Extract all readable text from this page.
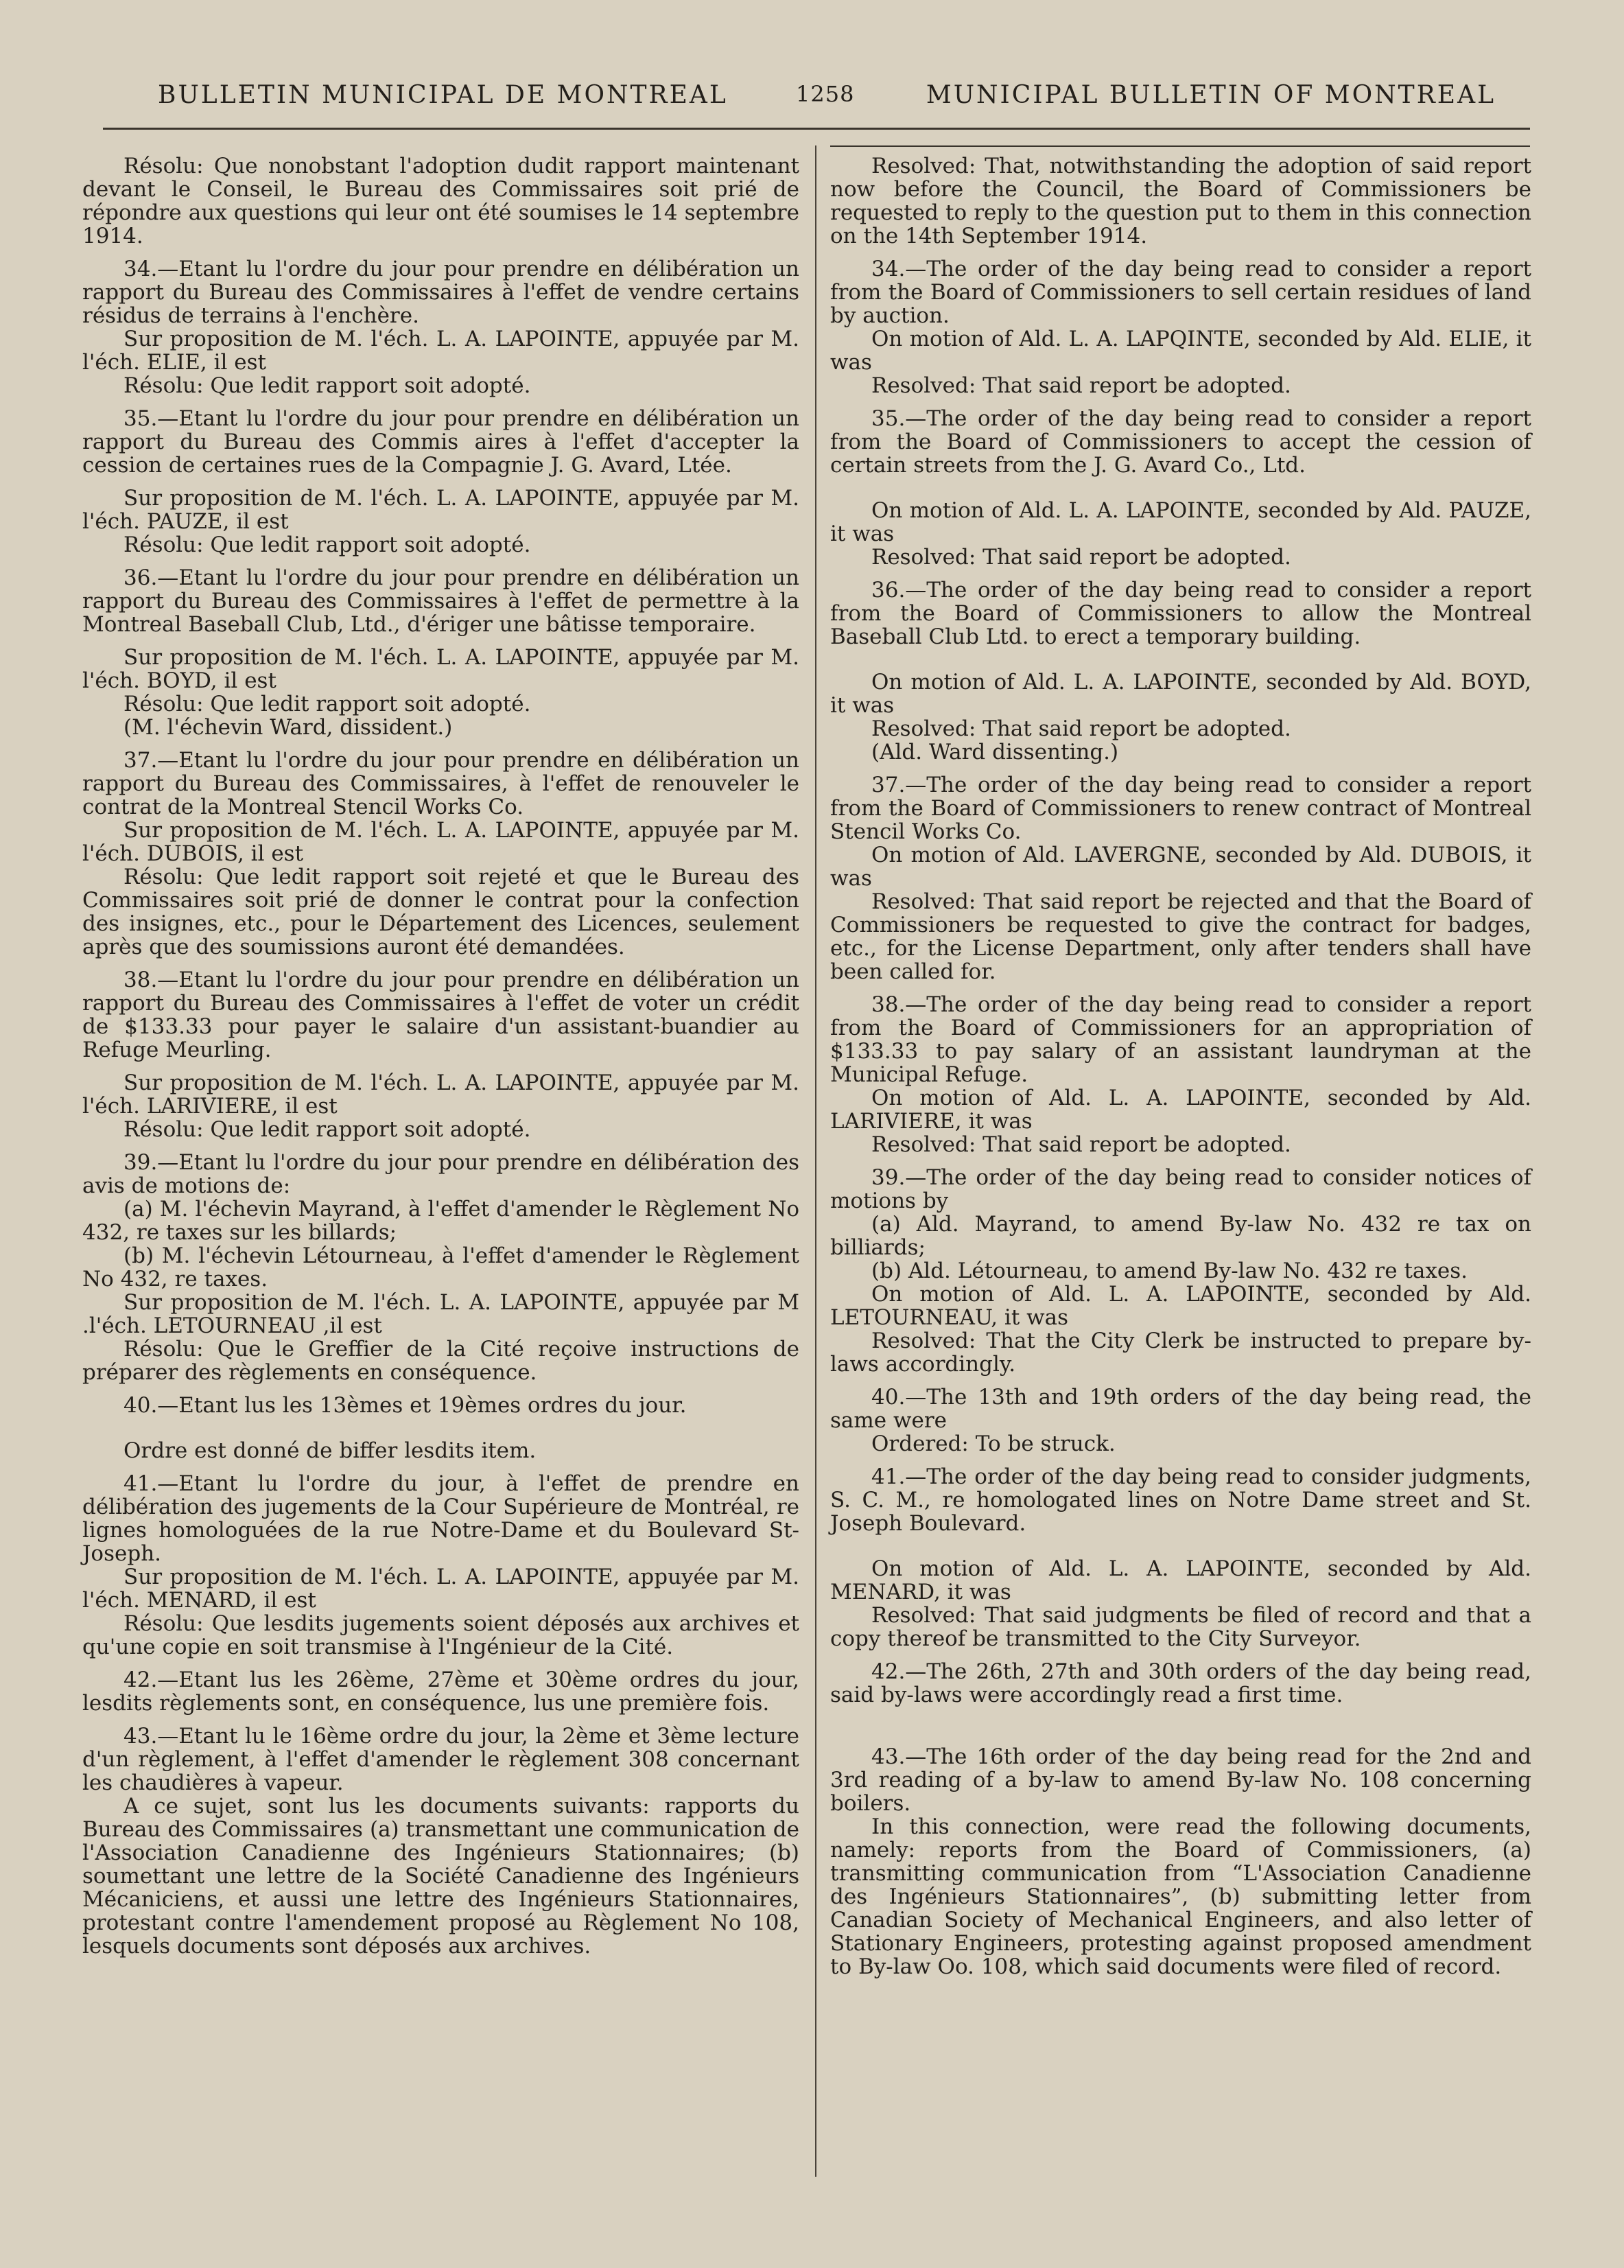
BULLETIN MUNICIPAL DE MONTREAL	1258	MUNICIPAL BULLETIN OF MONTREAL

Résolu: Que nonobstant l'adoption dudit rapport maintenant devant le Conseil, le Bureau des Commissaires soit prié de répondre aux questions qui leur ont été soumises le 14 septembre 1914.

34.—Etant lu l'ordre du jour pour prendre en délibération un rapport du Bureau des Commissaires à l'effet de vendre certains résidus de terrains à l'enchère.

Sur proposition de M. l'éch. L. A. LAPOINTE, appuyée par M. l'éch. ELIE, il est

Résolu: Que ledit rapport soit adopté.

35.—Etant lu l'ordre du jour pour prendre en délibération un rapport du Bureau des Commis aires à l'effet d'accepter la cession de certaines rues de la Compagnie J. G. Avard, Ltée.

Sur proposition de M. l'éch. L. A. LAPOINTE, appuyée par M. l'éch. PAUZE, il est

Résolu: Que ledit rapport soit adopté.

36.—Etant lu l'ordre du jour pour prendre en délibération un rapport du Bureau des Commissaires à l'effet de permettre à la Montreal Baseball Club, Ltd., d'ériger une bâtisse temporaire.

Sur proposition de M. l'éch. L. A. LAPOINTE, appuyée par M. l'éch. BOYD, il est

Résolu: Que ledit rapport soit adopté.

(M. l'échevin Ward, dissident.)

37.—Etant lu l'ordre du jour pour prendre en délibération un rapport du Bureau des Commissaires, à l'effet de renouveler le contrat de la Montreal Stencil Works Co.

Sur proposition de M. l'éch. L. A. LAPOINTE, appuyée par M. l'éch. DUBOIS, il est

Résolu: Que ledit rapport soit rejeté et que le Bureau des Commissaires soit prié de donner le contrat pour la confection des insignes, etc., pour le Département des Licences, seulement après que des soumissions auront été demandées.

38.—Etant lu l'ordre du jour pour prendre en délibération un rapport du Bureau des Commissaires à l'effet de voter un crédit de $133.33 pour payer le salaire d'un assistant-buandier au Refuge Meurling.

Sur proposition de M. l'éch. L. A. LAPOINTE, appuyée par M. l'éch. LARIVIERE, il est

Résolu: Que ledit rapport soit adopté.

39.—Etant lu l'ordre du jour pour prendre en délibération des avis de motions de:

(a) M. l'échevin Mayrand, à l'effet d'amender le Règlement No 432, re taxes sur les billards;

(b) M. l'échevin Létourneau, à l'effet d'amender le Règlement No 432, re taxes.

Sur proposition de M. l'éch. L. A. LAPOINTE, appuyée par M .l'éch. LETOURNEAU ,il est

Résolu: Que le Greffier de la Cité reçoive instructions de préparer des règlements en conséquence.

40.—Etant lus les 13èmes et 19èmes ordres du jour.

Ordre est donné de biffer lesdits item.

41.—Etant lu l'ordre du jour, à l'effet de prendre en délibération des jugements de la Cour Supérieure de Montréal, re lignes homologuées de la rue Notre-Dame et du Boulevard St-Joseph.

Sur proposition de M. l'éch. L. A. LAPOINTE, appuyée par M. l'éch. MENARD, il est

Résolu: Que lesdits jugements soient déposés aux archives et qu'une copie en soit transmise à l'Ingénieur de la Cité.

42.—Etant lus les 26ème, 27ème et 30ème ordres du jour, lesdits règlements sont, en conséquence, lus une première fois.

43.—Etant lu le 16ème ordre du jour, la 2ème et 3ème lecture d'un règlement, à l'effet d'amender le règlement 308 concernant les chaudières à vapeur.

A ce sujet, sont lus les documents suivants: rapports du Bureau des Commissaires (a) transmettant une communication de l'Association Canadienne des Ingénieurs Stationnaires; (b) soumettant une lettre de la Société Canadienne des Ingénieurs Mécaniciens, et aussi une lettre des Ingénieurs Stationnaires, protestant contre l'amendement proposé au Règlement No 108, lesquels documents sont déposés aux archives.

Resolved: That, notwithstanding the adoption of said report now before the Council, the Board of Commissioners be requested to reply to the question put to them in this connection on the 14th September 1914.

34.—The order of the day being read to consider a report from the Board of Commissioners to sell certain residues of land by auction.

On motion of Ald. L. A. LAPQINTE, seconded by Ald. ELIE, it was

Resolved: That said report be adopted.

35.—The order of the day being read to consider a report from the Board of Commissioners to accept the cession of certain streets from the J. G. Avard Co., Ltd.

On motion of Ald. L. A. LAPOINTE, seconded by Ald. PAUZE, it was

Resolved: That said report be adopted.

36.—The order of the day being read to consider a report from the Board of Commissioners to allow the Montreal Baseball Club Ltd. to erect a temporary building.

On motion of Ald. L. A. LAPOINTE, seconded by Ald. BOYD, it was

Resolved: That said report be adopted.

(Ald. Ward dissenting.)

37.—The order of the day being read to consider a report from the Board of Commissioners to renew contract of Montreal Stencil Works Co.

On motion of Ald. LAVERGNE, seconded by Ald. DUBOIS, it was

Resolved: That said report be rejected and that the Board of Commissioners be requested to give the contract for badges, etc., for the License Department, only after tenders shall have been called for.

38.—The order of the day being read to consider a report from the Board of Commissioners for an appropriation of $133.33 to pay salary of an assistant laundryman at the Municipal Refuge.

On motion of Ald. L. A. LAPOINTE, seconded by Ald. LARIVIERE, it was

Resolved: That said report be adopted.

39.—The order of the day being read to consider notices of motions by

(a) Ald. Mayrand, to amend By-law No. 432 re tax on billiards;

(b) Ald. Létourneau, to amend By-law No. 432 re taxes.

On motion of Ald. L. A. LAPOINTE, seconded by Ald. LETOURNEAU, it was

Resolved: That the City Clerk be instructed to prepare by-laws accordingly.

40.—The 13th and 19th orders of the day being read, the same were

Ordered: To be struck.

41.—The order of the day being read to consider judgments, S. C. M., re homologated lines on Notre Dame street and St. Joseph Boulevard.

On motion of Ald. L. A. LAPOINTE, seconded by Ald. MENARD, it was

Resolved: That said judgments be filed of record and that a copy thereof be transmitted to the City Surveyor.

42.—The 26th, 27th and 30th orders of the day being read, said by-laws were accordingly read a first time.

43.—The 16th order of the day being read for the 2nd and 3rd reading of a by-law to amend By-law No. 108 concerning boilers.

In this connection, were read the following documents, namely: reports from the Board of Commissioners, (a) transmitting communication from “L'Association Canadienne des Ingénieurs Stationnaires”, (b) submitting letter from Canadian Society of Mechanical Engineers, and also letter of Stationary Engineers, protesting against proposed amendment to By-law Oo. 108, which said documents were filed of record.
